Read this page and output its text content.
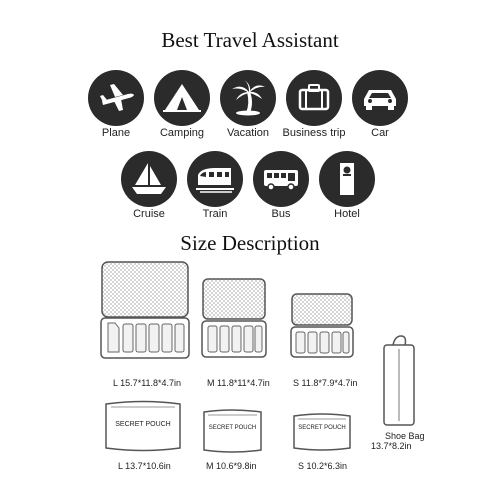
Best Travel Assistant
Plane	Camping	Vacation	Business trip	Car
Cruise	Train	Bus	Hotel
Size Description
L 15.7*11.8*4.7in	M 11.8*11*4.7in	S 11.8*7.9*4.7in
SECRET POUCH	SECRET POUCH	SECRET POUCH
L 13.7*10.6in	M 10.6*9.8in	S 10.2*6.3in
Shoe Bag
13.7*8.2in
